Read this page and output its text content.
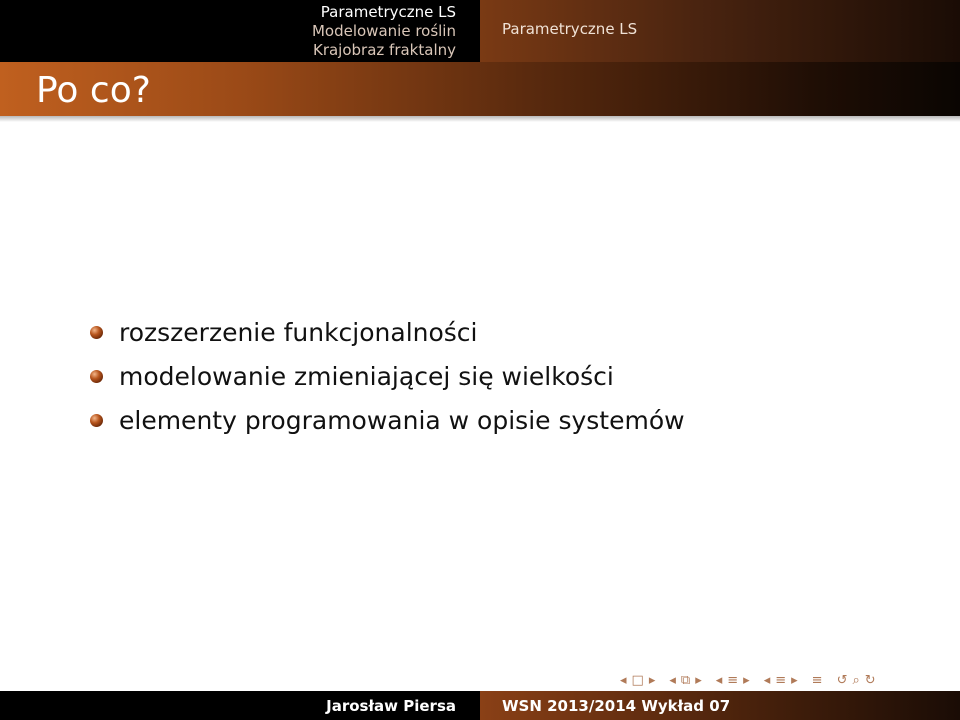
Parametryczne LS
Modelowanie roślin
Krajobraz fraktalny
Parametryczne LS
Po co?
rozszerzenie funkcjonalności
modelowanie zmieniającej się wielkości
elementy programowania w opisie systemów
◂ □ ▸ ◂ ⧉ ▸ ◂ ≡ ▸ ◂ ≡ ▸ ≡ ↺ ⌕ ↻
Jarosław Piersa	WSN 2013/2014 Wykład 07
